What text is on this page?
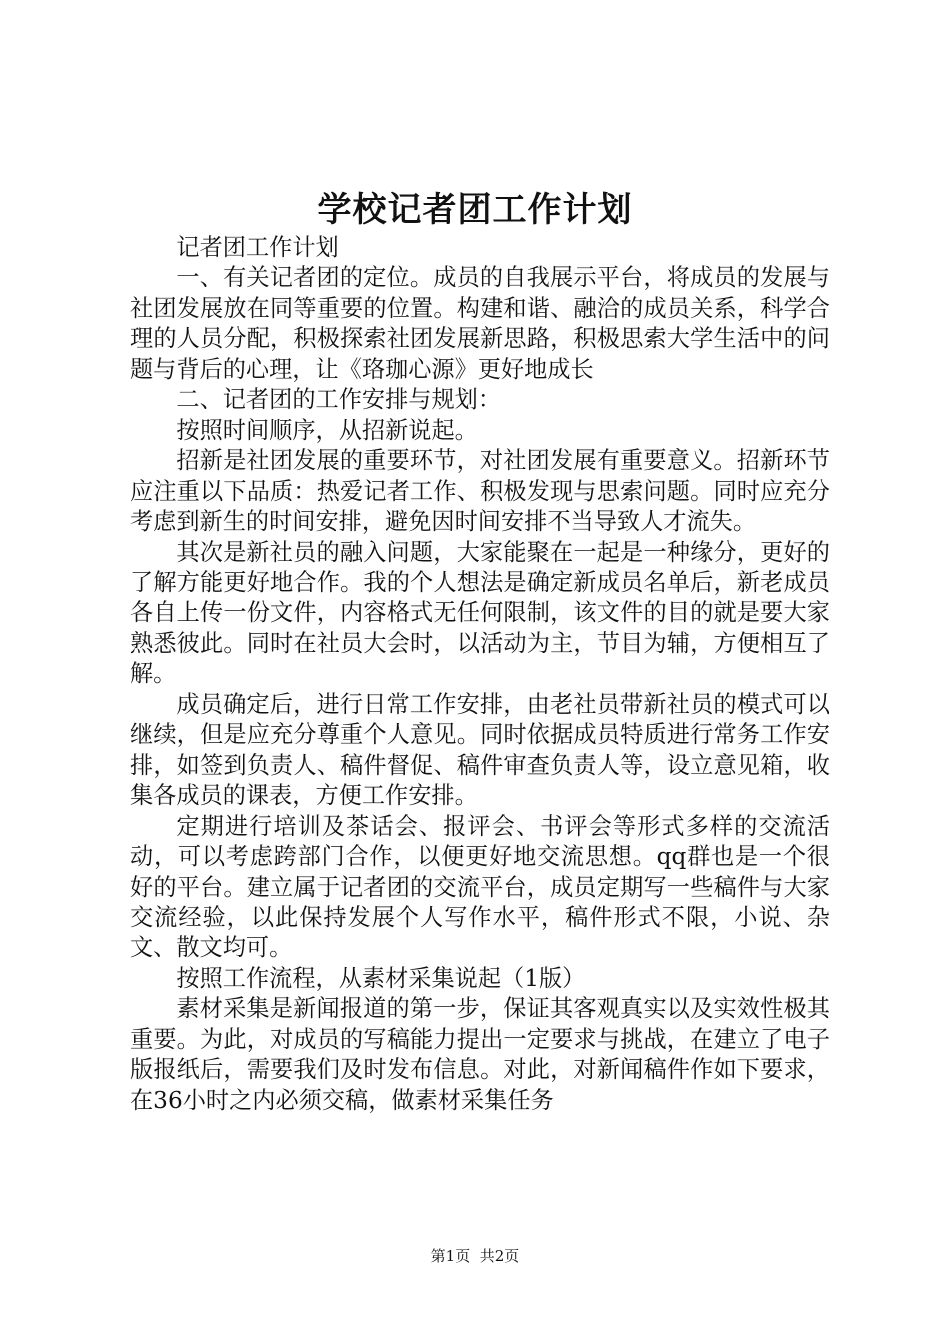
学校记者团工作计划

记者团工作计划

一、有关记者团的定位。成员的自我展示平台，将成员的发展与社团发展放在同等重要的位置。构建和谐、融洽的成员关系，科学合理的人员分配，积极探索社团发展新思路，积极思索大学生活中的问题与背后的心理，让《珞珈心源》更好地成长

二、记者团的工作安排与规划：

按照时间顺序，从招新说起。

招新是社团发展的重要环节，对社团发展有重要意义。招新环节应注重以下品质：热爱记者工作、积极发现与思索问题。同时应充分考虑到新生的时间安排，避免因时间安排不当导致人才流失。

其次是新社员的融入问题，大家能聚在一起是一种缘分，更好的了解方能更好地合作。我的个人想法是确定新成员名单后，新老成员各自上传一份文件，内容格式无任何限制，该文件的目的就是要大家熟悉彼此。同时在社员大会时，以活动为主，节目为辅，方便相互了解。

成员确定后，进行日常工作安排，由老社员带新社员的模式可以继续，但是应充分尊重个人意见。同时依据成员特质进行常务工作安排，如签到负责人、稿件督促、稿件审查负责人等，设立意见箱，收集各成员的课表，方便工作安排。

定期进行培训及茶话会、报评会、书评会等形式多样的交流活动，可以考虑跨部门合作，以便更好地交流思想。qq群也是一个很好的平台。建立属于记者团的交流平台，成员定期写一些稿件与大家交流经验，以此保持发展个人写作水平，稿件形式不限，小说、杂文、散文均可。

按照工作流程，从素材采集说起（1版）

素材采集是新闻报道的第一步，保证其客观真实以及实效性极其重要。为此，对成员的写稿能力提出一定要求与挑战，在建立了电子版报纸后，需要我们及时发布信息。对此，对新闻稿件作如下要求，在36小时之内必须交稿，做素材采集任务

第1页 共2页
